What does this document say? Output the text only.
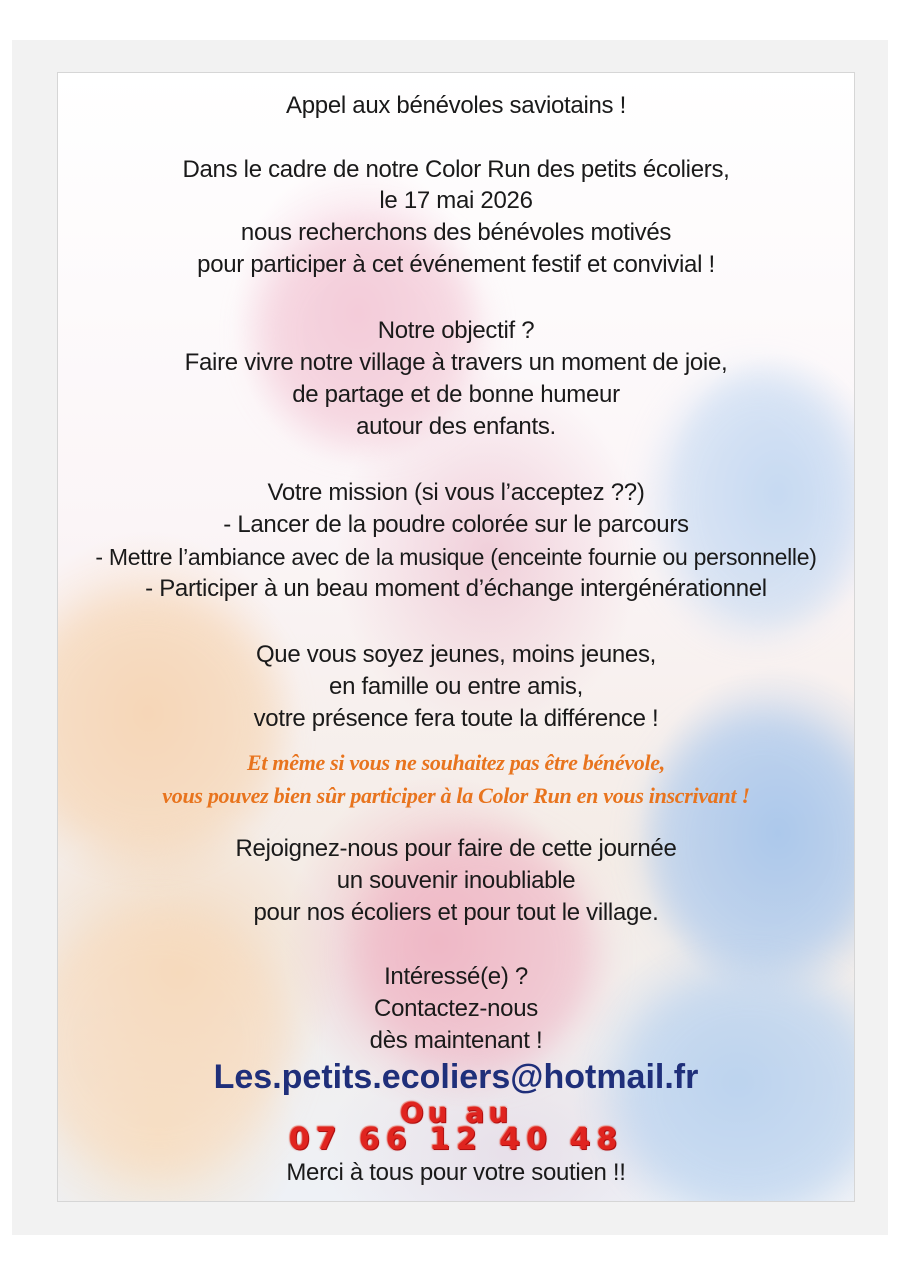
Appel aux bénévoles saviotains !
Dans le cadre de notre Color Run des petits écoliers,
le 17 mai 2026
nous recherchons des bénévoles motivés
pour participer à cet événement festif et convivial !
Notre objectif ?
Faire vivre notre village à travers un moment de joie,
de partage et de bonne humeur
autour des enfants.
Votre mission (si vous l’acceptez ??)
- Lancer de la poudre colorée sur le parcours
- Mettre l’ambiance avec de la musique (enceinte fournie ou personnelle)
- Participer à un beau moment d’échange intergénérationnel
Que vous soyez jeunes, moins jeunes,
en famille ou entre amis,
votre présence fera toute la différence !
Et même si vous ne souhaitez pas être bénévole,
vous pouvez bien sûr participer à la Color Run en vous inscrivant !
Rejoignez-nous pour faire de cette journée
un souvenir inoubliable
pour nos écoliers et pour tout le village.
Intéressé(e) ?
Contactez-nous
dès maintenant !
Les.petits.ecoliers@hotmail.fr
Ou au
07 66 12 40 48
Merci à tous pour votre soutien !!
